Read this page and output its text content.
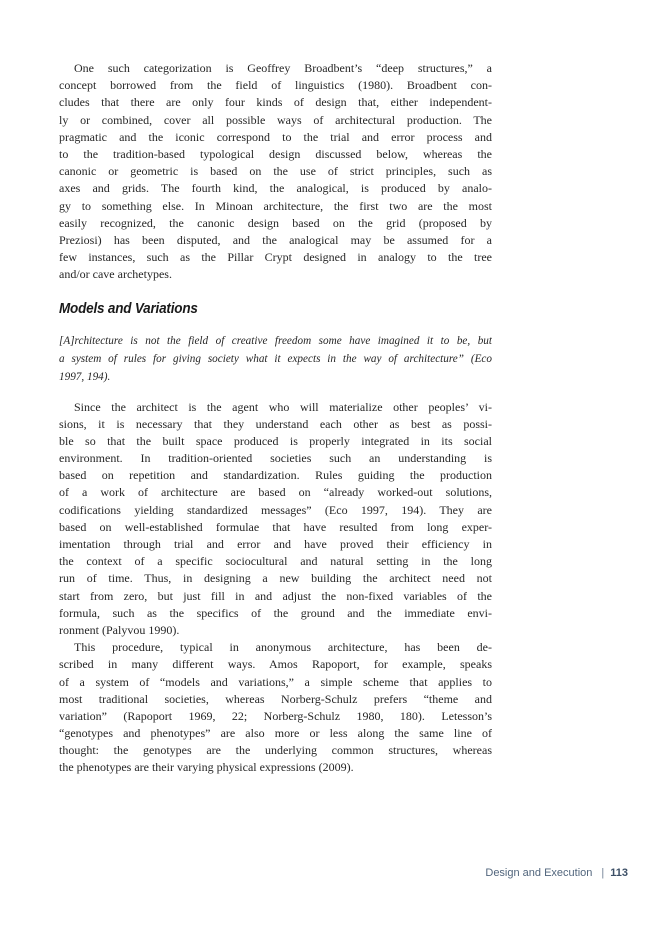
One such categorization is Geoffrey Broadbent’s “deep structures,” a
concept borrowed from the field of linguistics (1980). Broadbent con-
cludes that there are only four kinds of design that, either independent-
ly or combined, cover all possible ways of architectural production. The
pragmatic and the iconic correspond to the trial and error process and
to the tradition-based typological design discussed below, whereas the
canonic or geometric is based on the use of strict principles, such as
axes and grids. The fourth kind, the analogical, is produced by analo-
gy to something else. In Minoan architecture, the first two are the most
easily recognized, the canonic design based on the grid (proposed by
Preziosi) has been disputed, and the analogical may be assumed for a
few instances, such as the Pillar Crypt designed in analogy to the tree
and/or cave archetypes.
Models and Variations
[A]rchitecture is not the field of creative freedom some have imagined it to be, but
a system of rules for giving society what it expects in the way of architecture” (Eco
1997, 194).
Since the architect is the agent who will materialize other peoples’ vi-
sions, it is necessary that they understand each other as best as possi-
ble so that the built space produced is properly integrated in its social
environment. In tradition-oriented societies such an understanding is
based on repetition and standardization. Rules guiding the production
of a work of architecture are based on “already worked-out solutions,
codifications yielding standardized messages” (Eco 1997, 194). They are
based on well-established formulae that have resulted from long exper-
imentation through trial and error and have proved their efficiency in
the context of a specific sociocultural and natural setting in the long
run of time. Thus, in designing a new building the architect need not
start from zero, but just fill in and adjust the non-fixed variables of the
formula, such as the specifics of the ground and the immediate envi-
ronment (Palyvou 1990).
This procedure, typical in anonymous architecture, has been de-
scribed in many different ways. Amos Rapoport, for example, speaks
of a system of “models and variations,” a simple scheme that applies to
most traditional societies, whereas Norberg-Schulz prefers “theme and
variation” (Rapoport 1969, 22; Norberg-Schulz 1980, 180). Letesson’s
“genotypes and phenotypes” are also more or less along the same line of
thought: the genotypes are the underlying common structures, whereas
the phenotypes are their varying physical expressions (2009).
Design and Execution | 113
